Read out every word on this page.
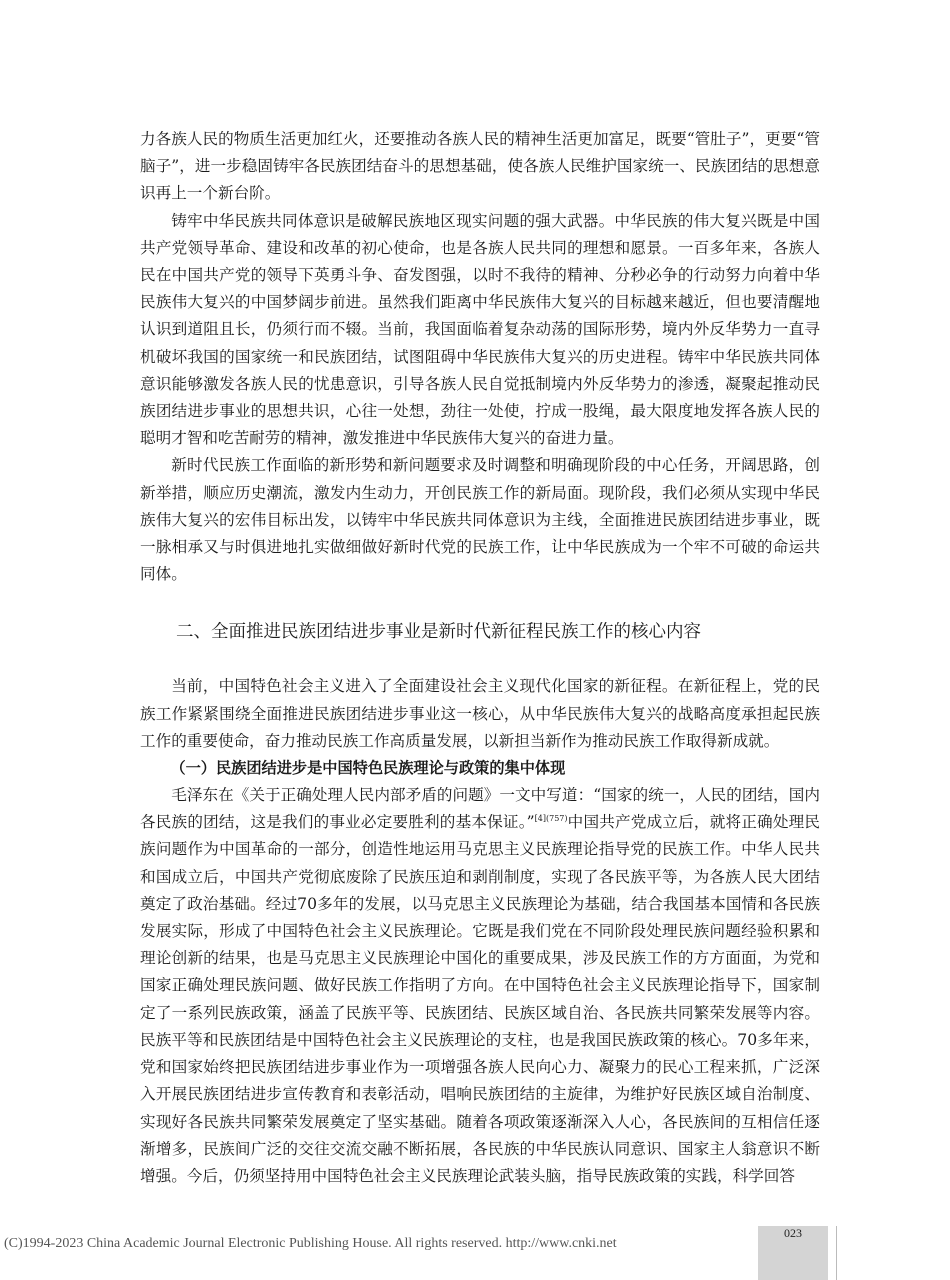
力各族人民的物质生活更加红火，还要推动各族人民的精神生活更加富足，既要“管肚子”，更要“管脑子”，进一步稳固铸牢各民族团结奋斗的思想基础，使各族人民维护国家统一、民族团结的思想意识再上一个新台阶。

铸牢中华民族共同体意识是破解民族地区现实问题的强大武器。中华民族的伟大复兴既是中国共产党领导革命、建设和改革的初心使命，也是各族人民共同的理想和愿景。一百多年来，各族人民在中国共产党的领导下英勇斗争、奋发图强，以时不我待的精神、分秒必争的行动努力向着中华民族伟大复兴的中国梦阔步前进。虽然我们距离中华民族伟大复兴的目标越来越近，但也要清醒地认识到道阻且长，仍须行而不辍。当前，我国面临着复杂动荡的国际形势，境内外反华势力一直寻机破坏我国的国家统一和民族团结，试图阻碍中华民族伟大复兴的历史进程。铸牢中华民族共同体意识能够激发各族人民的忧患意识，引导各族人民自觉抵制境内外反华势力的渗透，凝聚起推动民族团结进步事业的思想共识，心往一处想，劲往一处使，拧成一股绳，最大限度地发挥各族人民的聪明才智和吃苦耐劳的精神，激发推进中华民族伟大复兴的奋进力量。

新时代民族工作面临的新形势和新问题要求及时调整和明确现阶段的中心任务，开阔思路，创新举措，顺应历史潮流，激发内生动力，开创民族工作的新局面。现阶段，我们必须从实现中华民族伟大复兴的宏伟目标出发，以铸牢中华民族共同体意识为主线，全面推进民族团结进步事业，既一脉相承又与时俱进地扎实做细做好新时代党的民族工作，让中华民族成为一个牢不可破的命运共同体。

二、全面推进民族团结进步事业是新时代新征程民族工作的核心内容

当前，中国特色社会主义进入了全面建设社会主义现代化国家的新征程。在新征程上，党的民族工作紧紧围绕全面推进民族团结进步事业这一核心，从中华民族伟大复兴的战略高度承担起民族工作的重要使命，奋力推动民族工作高质量发展，以新担当新作为推动民族工作取得新成就。

（一）民族团结进步是中国特色民族理论与政策的集中体现

毛泽东在《关于正确处理人民内部矛盾的问题》一文中写道：“国家的统一，人民的团结，国内各民族的团结，这是我们的事业必定要胜利的基本保证。”$^{[4](757)}$中国共产党成立后，就将正确处理民族问题作为中国革命的一部分，创造性地运用马克思主义民族理论指导党的民族工作。中华人民共和国成立后，中国共产党彻底废除了民族压迫和剥削制度，实现了各民族平等，为各族人民大团结奠定了政治基础。经过70多年的发展，以马克思主义民族理论为基础，结合我国基本国情和各民族发展实际，形成了中国特色社会主义民族理论。它既是我们党在不同阶段处理民族问题经验积累和理论创新的结果，也是马克思主义民族理论中国化的重要成果，涉及民族工作的方方面面，为党和国家正确处理民族问题、做好民族工作指明了方向。在中国特色社会主义民族理论指导下，国家制定了一系列民族政策，涵盖了民族平等、民族团结、民族区域自治、各民族共同繁荣发展等内容。民族平等和民族团结是中国特色社会主义民族理论的支柱，也是我国民族政策的核心。70多年来，党和国家始终把民族团结进步事业作为一项增强各族人民向心力、凝聚力的民心工程来抓，广泛深入开展民族团结进步宣传教育和表彰活动，唱响民族团结的主旋律，为维护好民族区域自治制度、实现好各民族共同繁荣发展奠定了坚实基础。随着各项政策逐渐深入人心，各民族间的互相信任逐渐增多，民族间广泛的交往交流交融不断拓展，各民族的中华民族认同意识、国家主人翁意识不断增强。今后，仍须坚持用中国特色社会主义民族理论武装头脑，指导民族政策的实践，科学回答

023
(C)1994-2023 China Academic Journal Electronic Publishing House. All rights reserved. http://www.cnki.net
